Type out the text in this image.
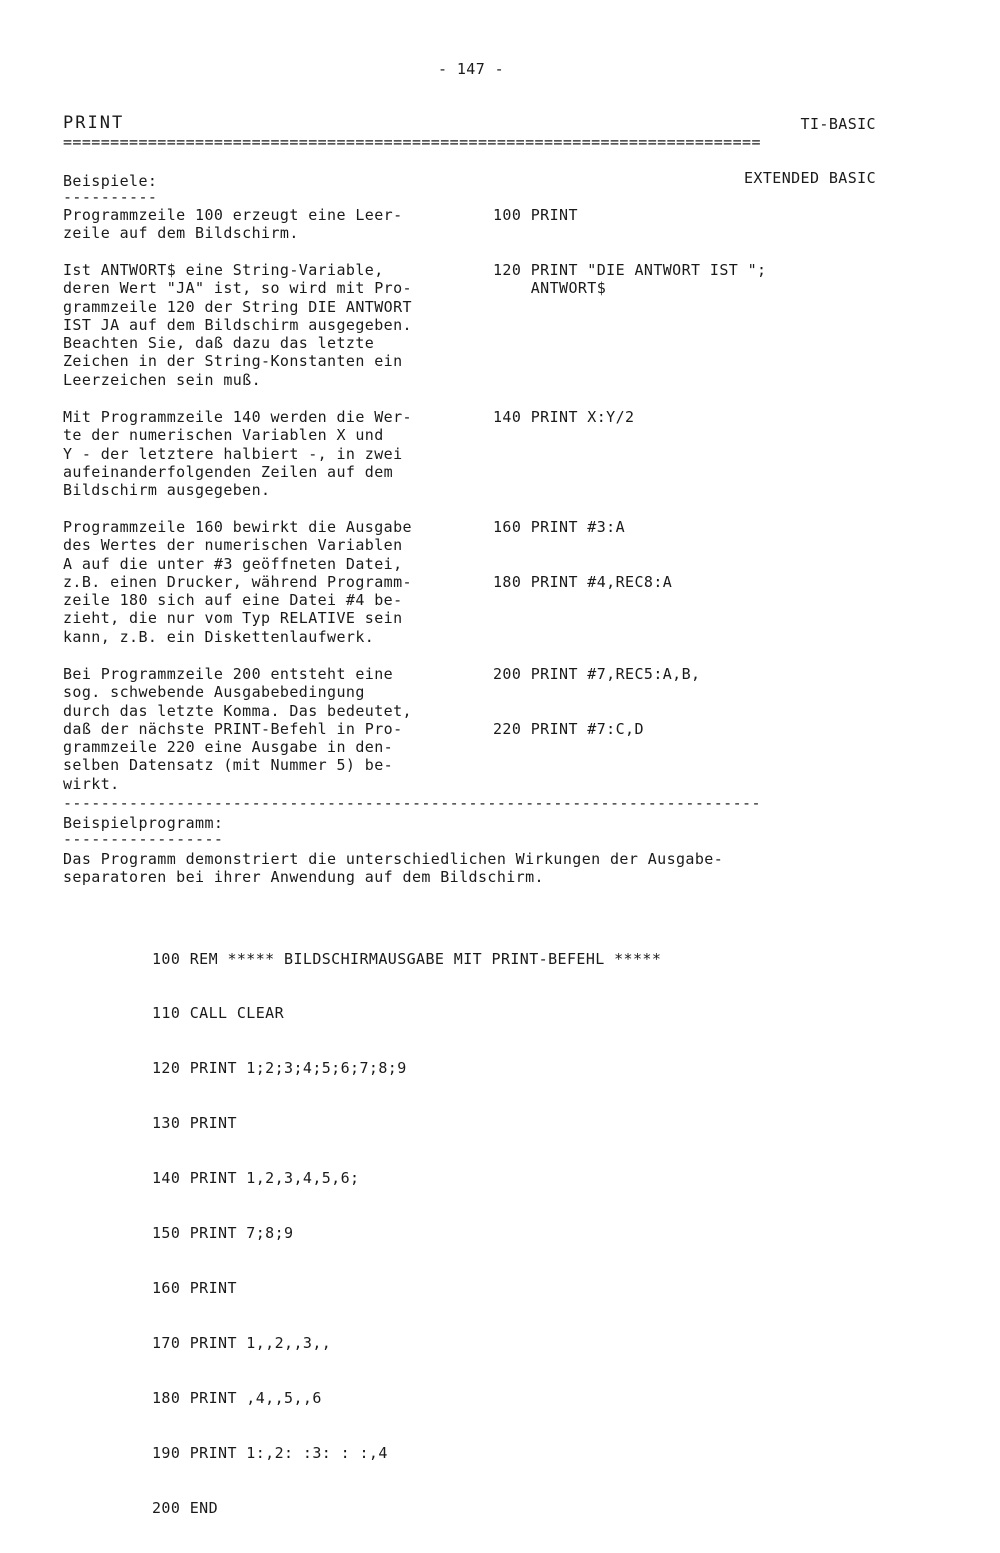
- 147 -

TI-BASIC

EXTENDED BASIC

PRINT
==========================================================================
Beispiele:
----------
Programmzeile 100 erzeugt eine Leer-
zeile auf dem Bildschirm.
100 PRINT
Ist ANTWORT$ eine String-Variable,
deren Wert "JA" ist, so wird mit Pro-
grammzeile 120 der String DIE ANTWORT
IST JA auf dem Bildschirm ausgegeben.
Beachten Sie, daß dazu das letzte
Zeichen in der String-Konstanten ein
Leerzeichen sein muß.
120 PRINT "DIE ANTWORT IST ";
ANTWORT$
Mit Programmzeile 140 werden die Wer-
te der numerischen Variablen X und
Y - der letztere halbiert -, in zwei
aufeinanderfolgenden Zeilen auf dem
Bildschirm ausgegeben.
140 PRINT X:Y/2
Programmzeile 160 bewirkt die Ausgabe
des Wertes der numerischen Variablen
A auf die unter #3 geöffneten Datei,
z.B. einen Drucker, während Programm-
zeile 180 sich auf eine Datei #4 be-
zieht, die nur vom Typ RELATIVE sein
kann, z.B. ein Diskettenlaufwerk.
160 PRINT #3:A
180 PRINT #4,REC8:A
Bei Programmzeile 200 entsteht eine
sog. schwebende Ausgabebedingung
durch das letzte Komma. Das bedeutet,
daß der nächste PRINT-Befehl in Pro-
grammzeile 220 eine Ausgabe in den-
selben Datensatz (mit Nummer 5) be-
wirkt.
200 PRINT #7,REC5:A,B,
220 PRINT #7:C,D
--------------------------------------------------------------------------
Beispielprogramm:
-----------------
Das Programm demonstriert die unterschiedlichen Wirkungen der Ausgabe-
separatoren bei ihrer Anwendung auf dem Bildschirm.

100 REM ***** BILDSCHIRMAUSGABE MIT PRINT-BEFEHL *****

110 CALL CLEAR

120 PRINT 1;2;3;4;5;6;7;8;9

130 PRINT

140 PRINT 1,2,3,4,5,6;

150 PRINT 7;8;9

160 PRINT

170 PRINT 1,,2,,3,,

180 PRINT ,4,,5,,6

190 PRINT 1:,2: :3: : :,4

200 END
